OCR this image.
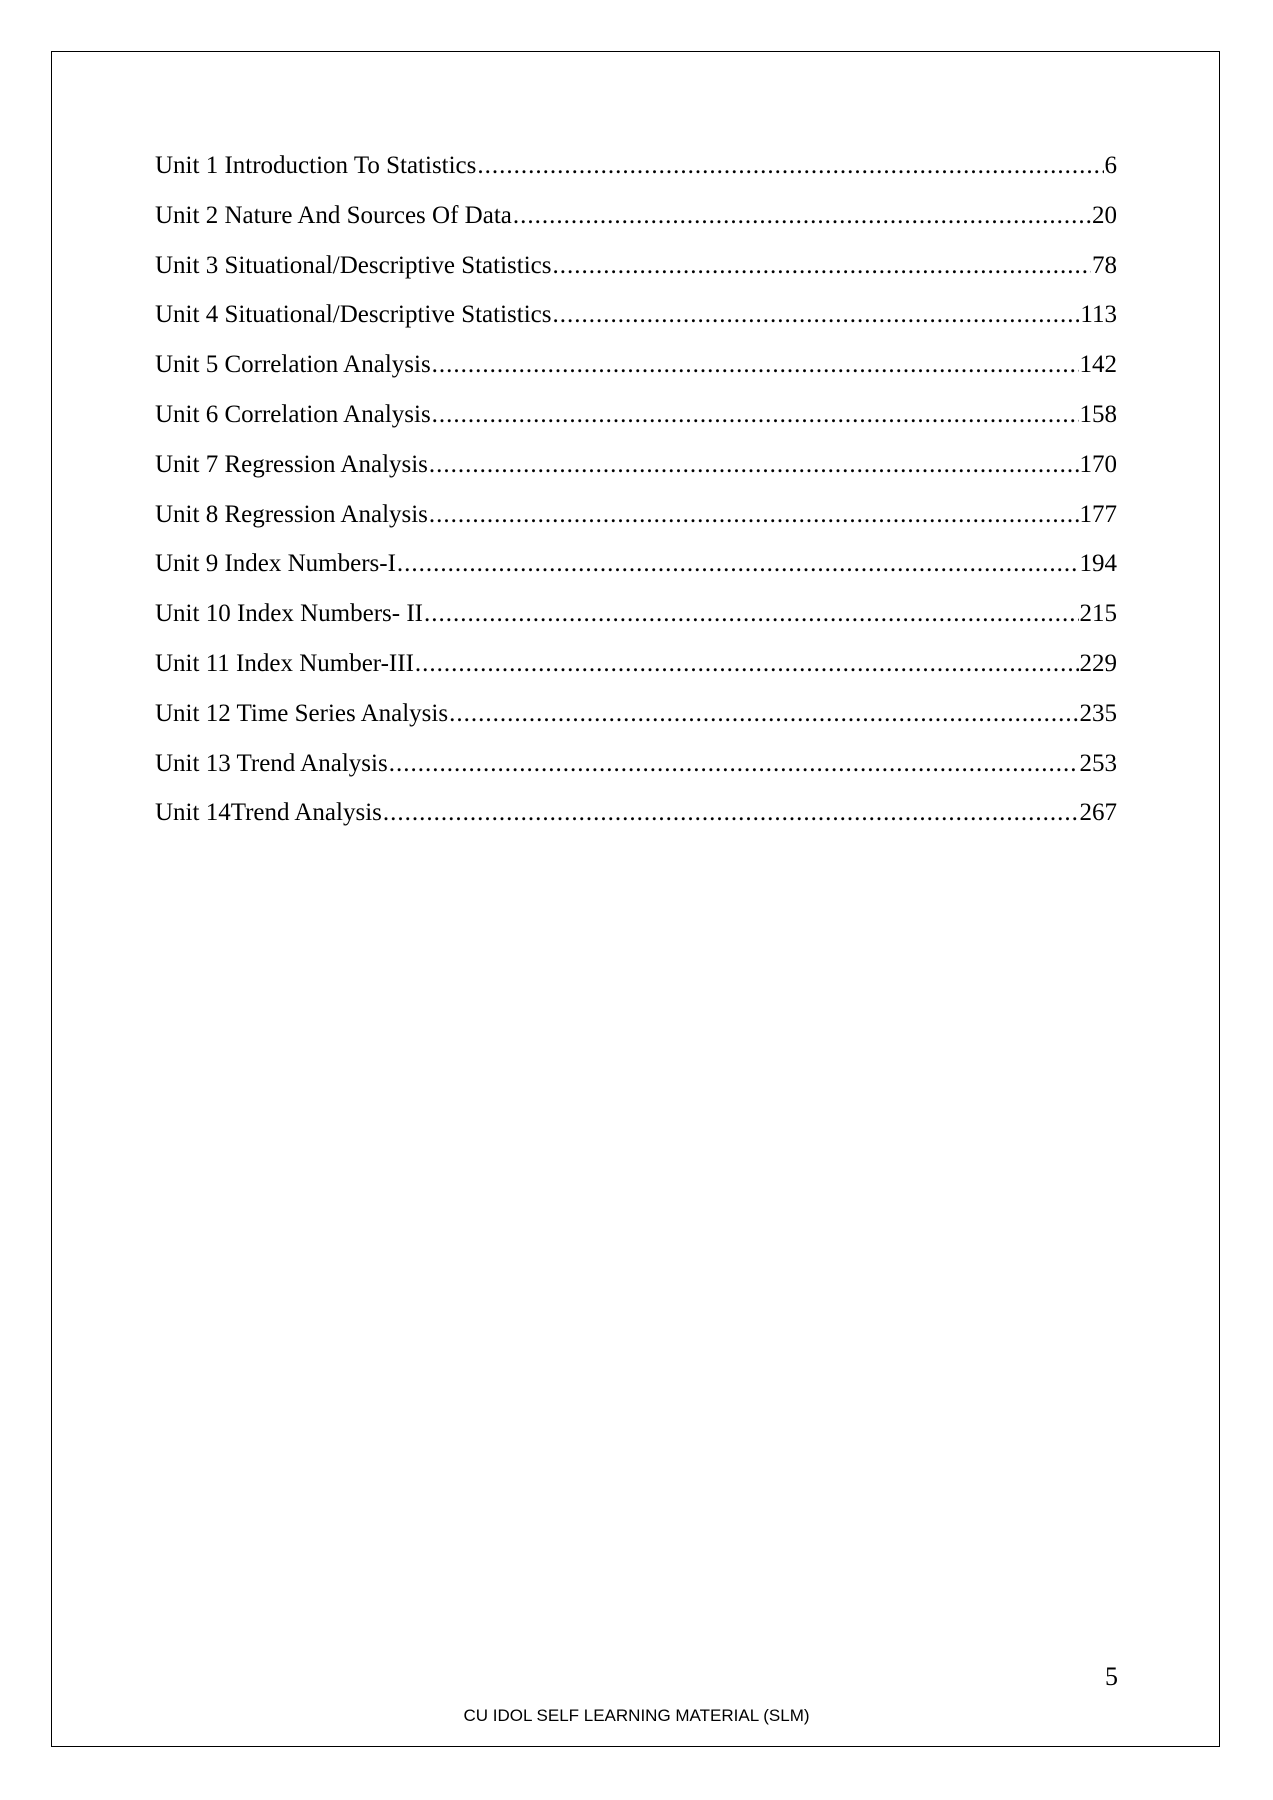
Unit 1 Introduction To Statistics .....	6
Unit 2 Nature And Sources Of Data .....	20
Unit 3 Situational/Descriptive Statistics .....	78
Unit 4 Situational/Descriptive Statistics .....	113
Unit 5 Correlation Analysis .....	142
Unit 6 Correlation Analysis .....	158
Unit 7 Regression Analysis .....	170
Unit 8 Regression Analysis .....	177
Unit 9 Index Numbers-I .....	194
Unit 10 Index Numbers- II .....	215
Unit 11 Index Number-III .....	229
Unit 12 Time Series Analysis .....	235
Unit 13 Trend Analysis .....	253
Unit 14Trend Analysis .....	267
5
CU IDOL SELF LEARNING MATERIAL (SLM)
